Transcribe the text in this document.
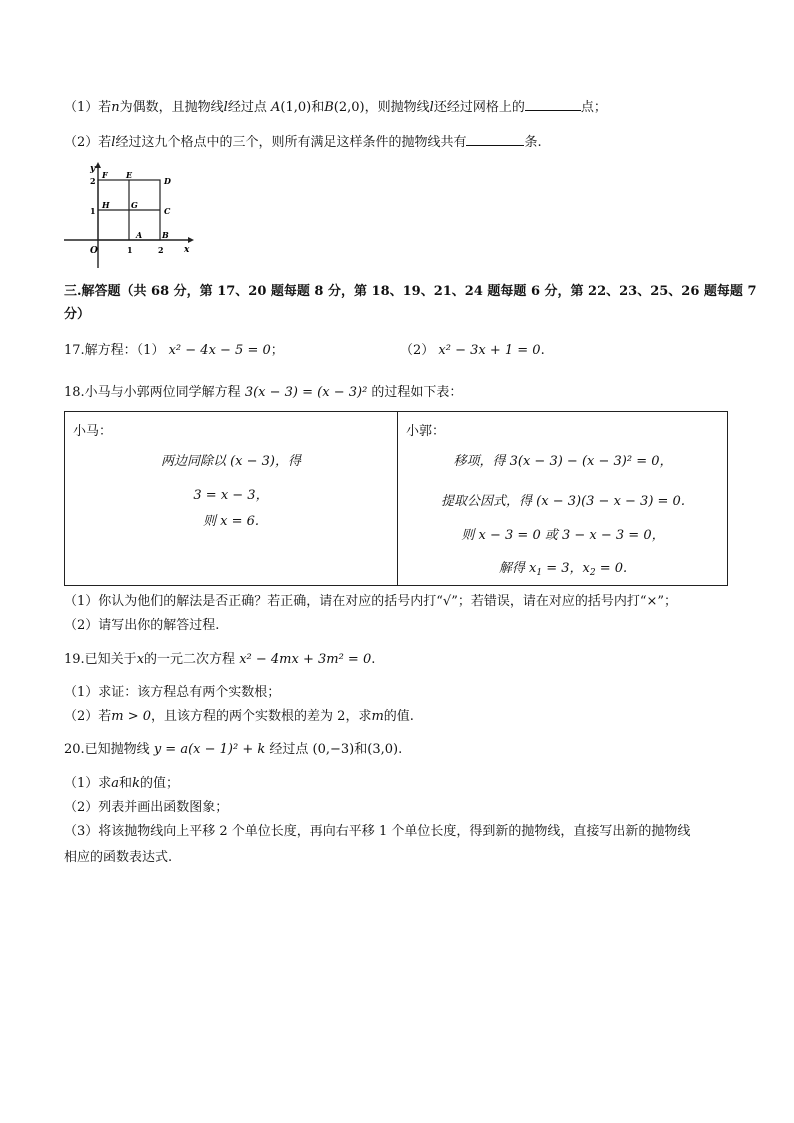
（1）若n为偶数，且抛物线l经过点 A(1,0)和B(2,0)，则抛物线l还经过网格上的	点；
（2）若l经过这九个格点中的三个，则所有满足这样条件的抛物线共有	条.
y
x
O
2
1
1	2
F E
D
H	G
C
A B
三.解答题（共 68 分，第 17、20 题每题 8 分，第 18、19、21、24 题每题 6 分，第 22、23、25、26 题每题 7
分）
17.解方程：（1） x² − 4x − 5 = 0；	（2） x² − 3x + 1 = 0.
18.小马与小郭两位同学解方程 3(x − 3) = (x − 3)² 的过程如下表：
小马：
两边同除以 (x − 3)，得
3 = x − 3，
则 x = 6.
小郭：
移项，得 3(x − 3) − (x − 3)² = 0，
提取公因式，得 (x − 3)(3 − x − 3) = 0.
则 x − 3 = 0 或 3 − x − 3 = 0，
解得 $x_1 = 3$，$x_2 = 0$.
（1）你认为他们的解法是否正确？若正确，请在对应的括号内打“√”；若错误，请在对应的括号内打“×”；
（2）请写出你的解答过程.
19.已知关于x的一元二次方程 x² − 4mx + 3m² = 0.
（1）求证：该方程总有两个实数根；
（2）若m > 0，且该方程的两个实数根的差为 2，求m的值.
20.已知抛物线 y = a(x − 1)² + k 经过点 (0,−3)和(3,0).
（1）求a和k的值；
（2）列表并画出函数图象；
（3）将该抛物线向上平移 2 个单位长度，再向右平移 1 个单位长度，得到新的抛物线，直接写出新的抛物线
相应的函数表达式.
